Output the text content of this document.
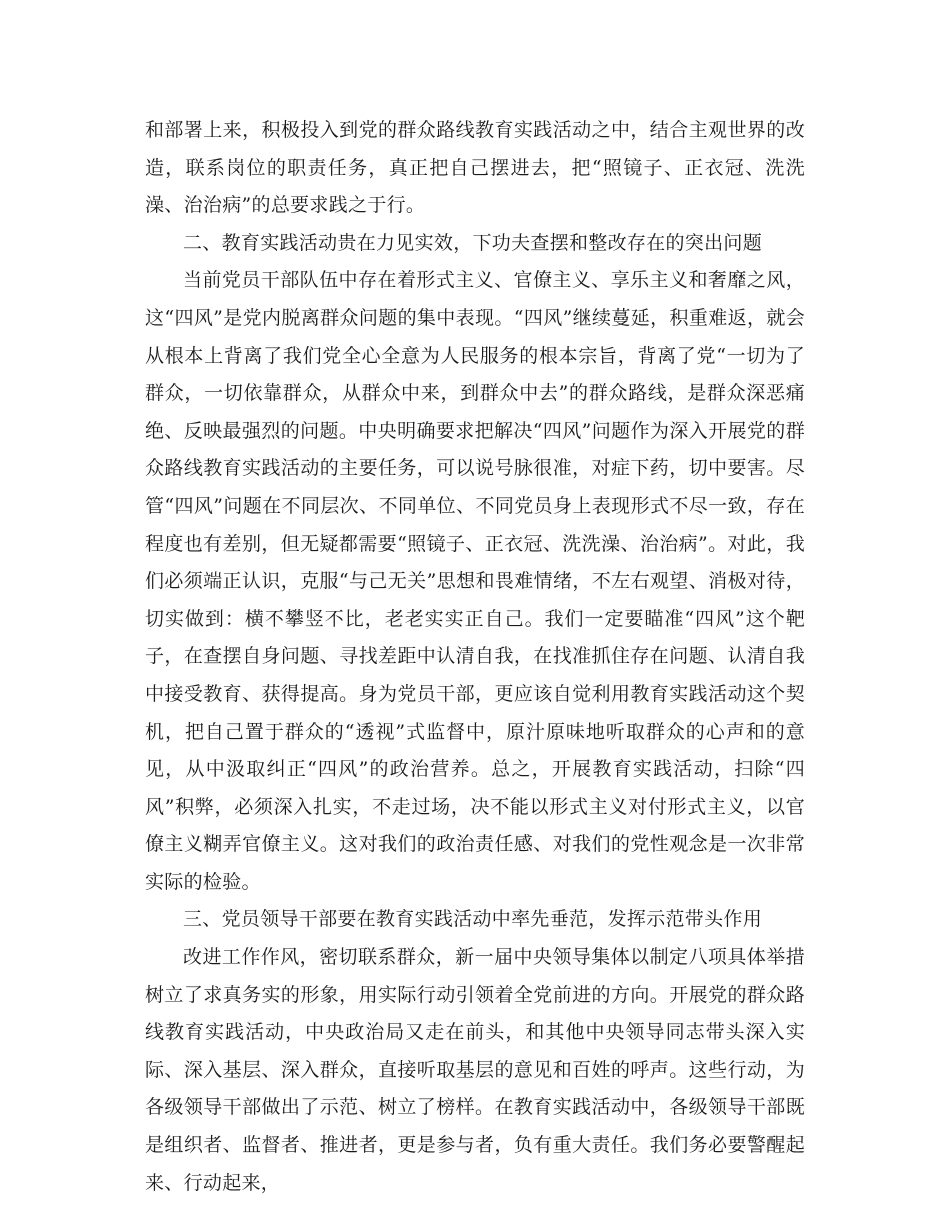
和部署上来，积极投入到党的群众路线教育实践活动之中，结合主观世界的改造，联系岗位的职责任务，真正把自己摆进去，把“照镜子、正衣冠、洗洗澡、治治病”的总要求践之于行。

二、教育实践活动贵在力见实效，下功夫查摆和整改存在的突出问题

当前党员干部队伍中存在着形式主义、官僚主义、享乐主义和奢靡之风，这“四风”是党内脱离群众问题的集中表现。“四风”继续蔓延，积重难返，就会从根本上背离了我们党全心全意为人民服务的根本宗旨，背离了党“一切为了群众，一切依靠群众，从群众中来，到群众中去”的群众路线，是群众深恶痛绝、反映最强烈的问题。中央明确要求把解决“四风”问题作为深入开展党的群众路线教育实践活动的主要任务，可以说号脉很准，对症下药，切中要害。尽管“四风”问题在不同层次、不同单位、不同党员身上表现形式不尽一致，存在程度也有差别，但无疑都需要“照镜子、正衣冠、洗洗澡、治治病”。对此，我们必须端正认识，克服“与己无关”思想和畏难情绪，不左右观望、消极对待，切实做到：横不攀竖不比，老老实实正自己。我们一定要瞄准“四风”这个靶子，在查摆自身问题、寻找差距中认清自我，在找准抓住存在问题、认清自我中接受教育、获得提高。身为党员干部，更应该自觉利用教育实践活动这个契机，把自己置于群众的“透视”式监督中，原汁原味地听取群众的心声和的意见，从中汲取纠正“四风”的政治营养。总之，开展教育实践活动，扫除“四风”积弊，必须深入扎实，不走过场，决不能以形式主义对付形式主义，以官僚主义糊弄官僚主义。这对我们的政治责任感、对我们的党性观念是一次非常实际的检验。

三、党员领导干部要在教育实践活动中率先垂范，发挥示范带头作用

改进工作作风，密切联系群众，新一届中央领导集体以制定八项具体举措树立了求真务实的形象，用实际行动引领着全党前进的方向。开展党的群众路线教育实践活动，中央政治局又走在前头，和其他中央领导同志带头深入实际、深入基层、深入群众，直接听取基层的意见和百姓的呼声。这些行动，为各级领导干部做出了示范、树立了榜样。在教育实践活动中，各级领导干部既是组织者、监督者、推进者，更是参与者，负有重大责任。我们务必要警醒起来、行动起来，
